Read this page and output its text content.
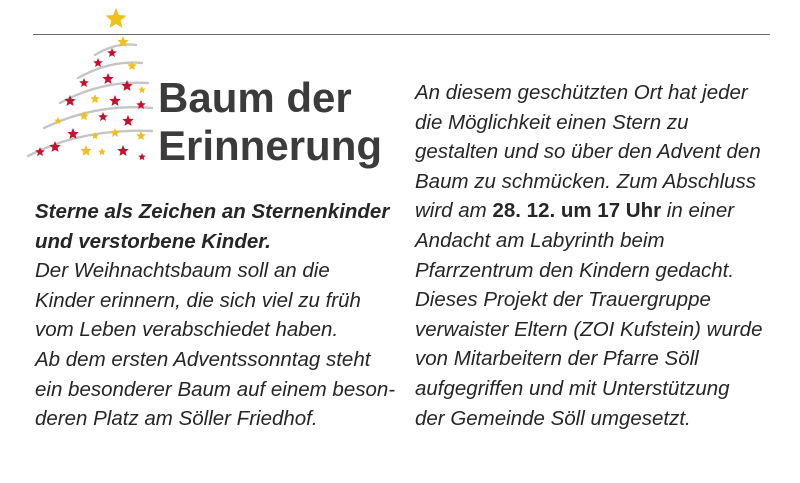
Baum der
Erinnerung
Sterne als Zeichen an Sternenkinder
und verstorbene Kinder.
Der Weihnachtsbaum soll an die
Kinder erinnern, die sich viel zu früh
vom Leben verabschiedet haben.
Ab dem ersten Adventssonntag steht
ein besonderer Baum auf einem beson-
deren Platz am Söller Friedhof.
An diesem geschützten Ort hat jeder
die Möglichkeit einen Stern zu
gestalten und so über den Advent den
Baum zu schmücken. Zum Abschluss
wird am 28. 12. um 17 Uhr in einer
Andacht am Labyrinth beim
Pfarrzentrum den Kindern gedacht.
Dieses Projekt der Trauergruppe
verwaister Eltern (ZOI Kufstein) wurde
von Mitarbeitern der Pfarre Söll
aufgegriffen und mit Unterstützung
der Gemeinde Söll umgesetzt.
